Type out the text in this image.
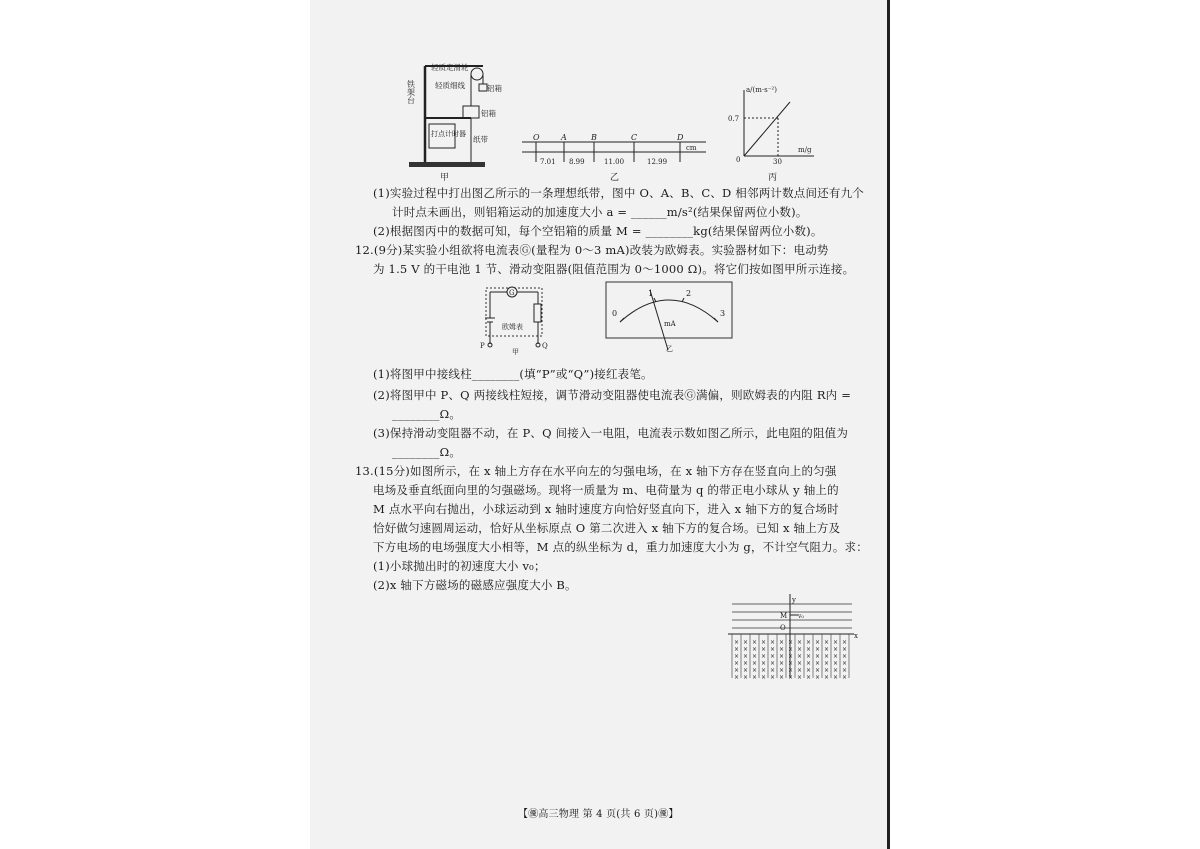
铁架台
轻质定滑轮
轻质细线	铝箱
铝箱
打点计时器
纸带
甲
O	A	B	C	D
7.01 8.99	11.00	12.99
cm
乙
a/(m·s⁻²)
m/g
0.7
30
0
丙
(1)实验过程中打出图乙所示的一条理想纸带，图中 O、A、B、C、D 相邻两计数点间还有九个
计时点未画出，则铝箱运动的加速度大小 a = ______m/s²(结果保留两位小数)。
(2)根据图丙中的数据可知，每个空铝箱的质量 M = ________kg(结果保留两位小数)。
12.(9分)某实验小组欲将电流表Ⓖ(量程为 0～3 mA)改装为欧姆表。实验器材如下：电动势
为 1.5 V 的干电池 1 节、滑动变阻器(阻值范围为 0～1000 Ω)。将它们按如图甲所示连接。
G
欧姆表
P	Q
甲
0
1	2
3
mA
乙
(1)将图甲中接线柱________(填“P”或“Q”)接红表笔。
(2)将图甲中 P、Q 两接线柱短接，调节滑动变阻器使电流表Ⓖ满偏，则欧姆表的内阻 R内 =
________Ω。
(3)保持滑动变阻器不动，在 P、Q 间接入一电阻，电流表示数如图乙所示，此电阻的阻值为
________Ω。
13.(15分)如图所示，在 x 轴上方存在水平向左的匀强电场，在 x 轴下方存在竖直向上的匀强
电场及垂直纸面向里的匀强磁场。现将一质量为 m、电荷量为 q 的带正电小球从 y 轴上的
M 点水平向右抛出，小球运动到 x 轴时速度方向恰好竖直向下，进入 x 轴下方的复合场时
恰好做匀速圆周运动，恰好从坐标原点 O 第二次进入 x 轴下方的复合场。已知 x 轴上方及
下方电场的电场强度大小相等，M 点的纵坐标为 d，重力加速度大小为 g，不计空气阻力。求：
(1)小球抛出时的初速度大小 v₀；
(2)x 轴下方磁场的磁感应强度大小 B。
× × × × × × × × × × × × ×
× × × × × × × × × × × × ×
× × × × × × × × × × × × ×
× × × × × × × × × × × × ×
× × × × × × × × × × × × ×
× × × × × × × × × × × × ×
y
x
M v₀
O
【㊝高三物理 第 4 页(共 6 页)㊝】
